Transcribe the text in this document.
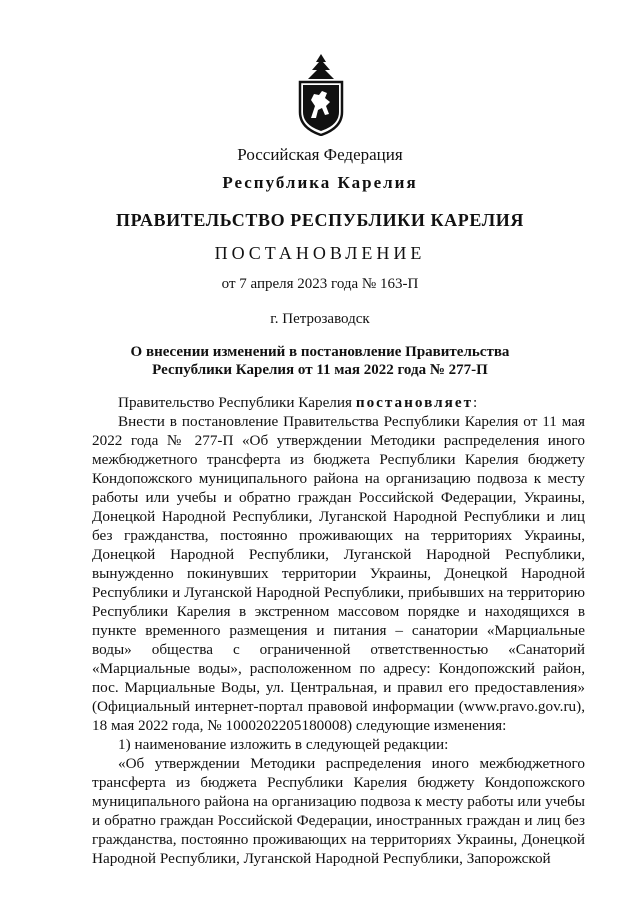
Российская Федерация
Республика Карелия
ПРАВИТЕЛЬСТВО РЕСПУБЛИКИ КАРЕЛИЯ
ПОСТАНОВЛЕНИЕ
от 7 апреля 2023 года № 163-П
г. Петрозаводск
О внесении изменений в постановление Правительства
Республики Карелия от 11 мая 2022 года № 277-П

Правительство Республики Карелия постановляет:

Внести в постановление Правительства Республики Карелия от 11 мая 2022 года № 277-П «Об утверждении Методики распределения иного межбюджетного трансферта из бюджета Республики Карелия бюджету Кондопожского муниципального района на организацию подвоза к месту работы или учебы и обратно граждан Российской Федерации, Украины, Донецкой Народной Республики, Луганской Народной Республики и лиц без гражданства, постоянно проживающих на территориях Украины, Донецкой Народной Республики, Луганской Народной Республики, вынужденно покинувших территории Украины, Донецкой Народной Республики и Луганской Народной Республики, прибывших на территорию Республики Карелия в экстренном массовом порядке и находящихся в пункте временного размещения и питания – санатории «Марциальные воды» общества с ограниченной ответственностью «Санаторий «Марциальные воды», расположенном по адресу: Кондопожский район, пос. Марциальные Воды, ул. Центральная, и правил его предоставления» (Официальный интернет-портал правовой информации (www.pravo.gov.ru), 18 мая 2022 года, № 1000202205180008) следующие изменения:

1) наименование изложить в следующей редакции:

«Об утверждении Методики распределения иного межбюджетного трансферта из бюджета Республики Карелия бюджету Кондопожского муниципального района на организацию подвоза к месту работы или учебы и обратно граждан Российской Федерации, иностранных граждан и лиц без гражданства, постоянно проживающих на территориях Украины, Донецкой Народной Республики, Луганской Народной Республики, Запорожской
